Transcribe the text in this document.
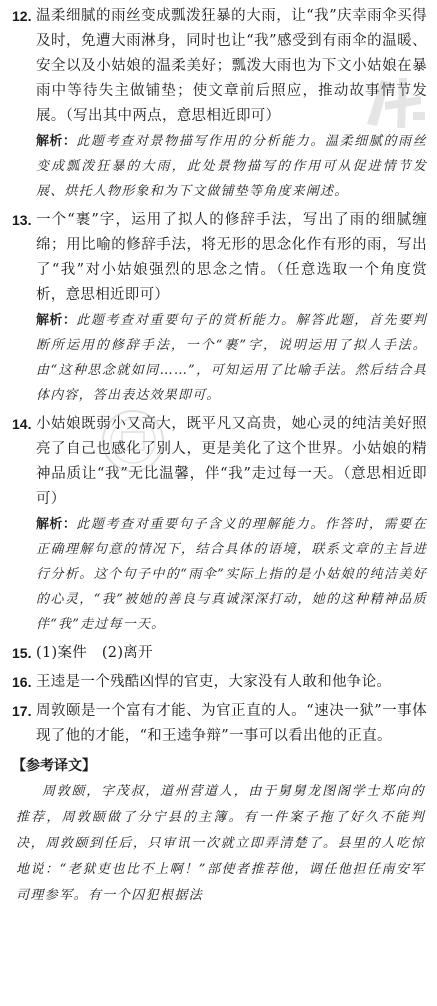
12. 温柔细腻的雨丝变成瓢泼狂暴的大雨，让“我”庆幸雨伞买得及时，免遭大雨淋身，同时也让“我”感受到有雨伞的温暖、安全以及小姑娘的温柔美好；瓢泼大雨也为下文小姑娘在暴雨中等待失主做铺垫；使文章前后照应，推动故事情节发展。（写出其中两点，意思相近即可）
解析：此题考查对景物描写作用的分析能力。温柔细腻的雨丝变成瓢泼狂暴的大雨，此处景物描写的作用可从促进情节发展、烘托人物形象和为下文做铺垫等角度来阐述。
13. 一个“裹”字，运用了拟人的修辞手法，写出了雨的细腻缠绵；用比喻的修辞手法，将无形的思念化作有形的雨，写出了“我”对小姑娘强烈的思念之情。（任意选取一个角度赏析，意思相近即可）
解析：此题考查对重要句子的赏析能力。解答此题，首先要判断所运用的修辞手法，一个“裹”字，说明运用了拟人手法。由“这种思念就如同……”，可知运用了比喻手法。然后结合具体内容，答出表达效果即可。
14. 小姑娘既弱小又高大，既平凡又高贵，她心灵的纯洁美好照亮了自己也感化了别人，更是美化了这个世界。小姑娘的精神品质让“我”无比温馨，伴“我”走过每一天。（意思相近即可）
解析：此题考查对重要句子含义的理解能力。作答时，需要在正确理解句意的情况下，结合具体的语境，联系文章的主旨进行分析。这个句子中的“雨伞”实际上指的是小姑娘的纯洁美好的心灵，“我”被她的善良与真诚深深打动，她的这种精神品质伴“我”走过每一天。
15. (1)案件　(2)离开
16. 王逵是一个残酷凶悍的官吏，大家没有人敢和他争论。
17. 周敦颐是一个富有才能、为官正直的人。“速决一狱”一事体现了他的才能，“和王逵争辩”一事可以看出他的正直。
【参考译文】
周敦颐，字茂叔，道州营道人，由于舅舅龙图阁学士郑向的推荐，周敦颐做了分宁县的主簿。有一件案子拖了好久不能判决，周敦颐到任后，只审讯一次就立即弄清楚了。县里的人吃惊地说：“老狱吏也比不上啊！”部使者推荐他，调任他担任南安军司理参军。有一个囚犯根据法
